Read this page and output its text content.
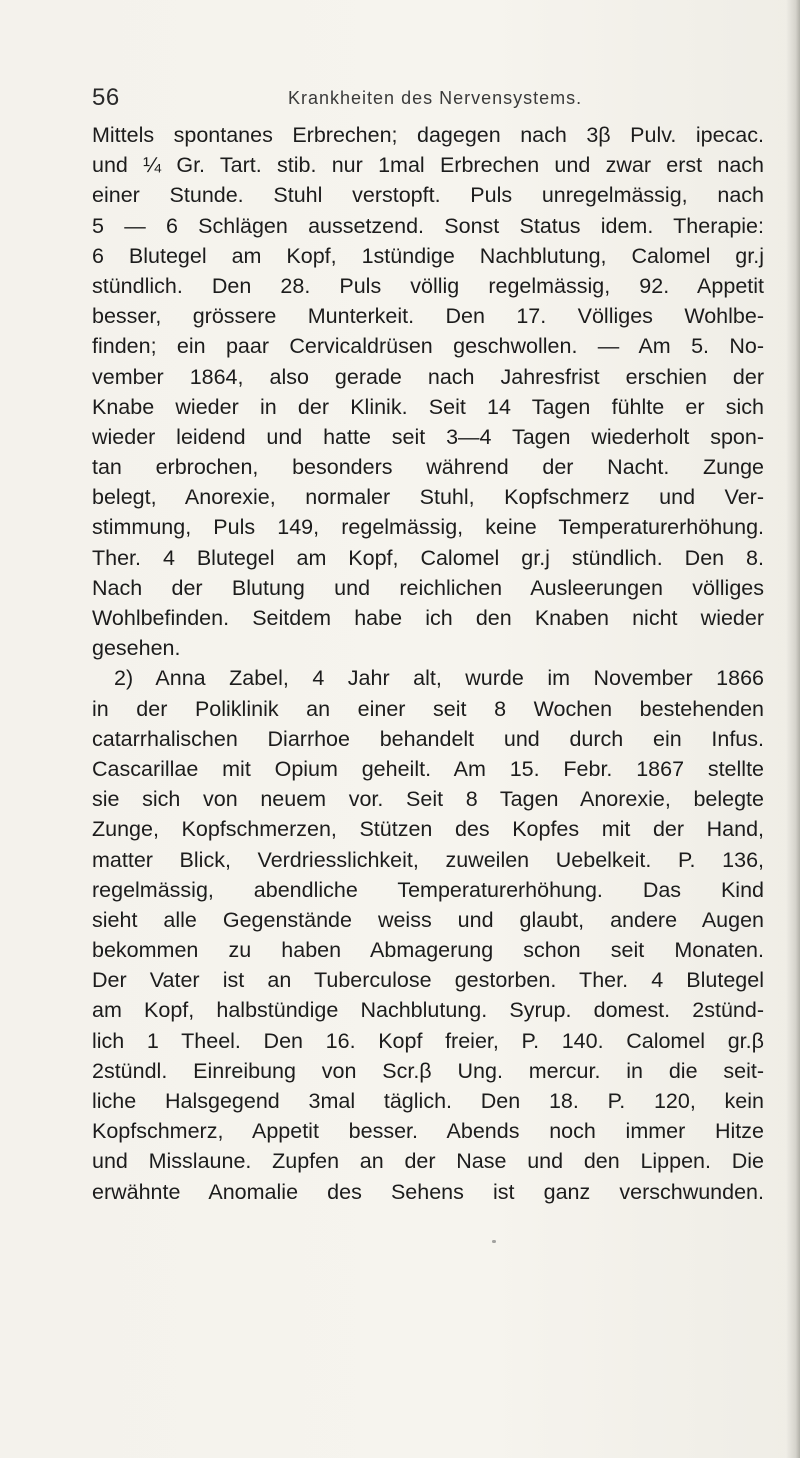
56	Krankheiten des Nervensystems.
Mittels spontanes Erbrechen; dagegen nach 3β Pulv. ipecac.
und ¼ Gr. Tart. stib. nur 1mal Erbrechen und zwar erst nach
einer Stunde. Stuhl verstopft. Puls unregelmässig, nach
5 — 6 Schlägen aussetzend. Sonst Status idem. Therapie:
6 Blutegel am Kopf, 1stündige Nachblutung, Calomel gr.j
stündlich. Den 28. Puls völlig regelmässig, 92. Appetit
besser, grössere Munterkeit. Den 17. Völliges Wohlbe-
finden; ein paar Cervicaldrüsen geschwollen. — Am 5. No-
vember 1864, also gerade nach Jahresfrist erschien der
Knabe wieder in der Klinik. Seit 14 Tagen fühlte er sich
wieder leidend und hatte seit 3—4 Tagen wiederholt spon-
tan erbrochen, besonders während der Nacht. Zunge
belegt, Anorexie, normaler Stuhl, Kopfschmerz und Ver-
stimmung, Puls 149, regelmässig, keine Temperaturerhöhung.
Ther. 4 Blutegel am Kopf, Calomel gr.j stündlich. Den 8.
Nach der Blutung und reichlichen Ausleerungen völliges
Wohlbefinden. Seitdem habe ich den Knaben nicht wieder
gesehen.
2) Anna Zabel, 4 Jahr alt, wurde im November 1866
in der Poliklinik an einer seit 8 Wochen bestehenden
catarrhalischen Diarrhoe behandelt und durch ein Infus.
Cascarillae mit Opium geheilt. Am 15. Febr. 1867 stellte
sie sich von neuem vor. Seit 8 Tagen Anorexie, belegte
Zunge, Kopfschmerzen, Stützen des Kopfes mit der Hand,
matter Blick, Verdriesslichkeit, zuweilen Uebelkeit. P. 136,
regelmässig, abendliche Temperaturerhöhung. Das Kind
sieht alle Gegenstände weiss und glaubt, andere Augen
bekommen zu haben Abmagerung schon seit Monaten.
Der Vater ist an Tuberculose gestorben. Ther. 4 Blutegel
am Kopf, halbstündige Nachblutung. Syrup. domest. 2stünd-
lich 1 Theel. Den 16. Kopf freier, P. 140. Calomel gr.β
2stündl. Einreibung von Scr.β Ung. mercur. in die seit-
liche Halsgegend 3mal täglich. Den 18. P. 120, kein
Kopfschmerz, Appetit besser. Abends noch immer Hitze
und Misslaune. Zupfen an der Nase und den Lippen. Die
erwähnte Anomalie des Sehens ist ganz verschwunden.
